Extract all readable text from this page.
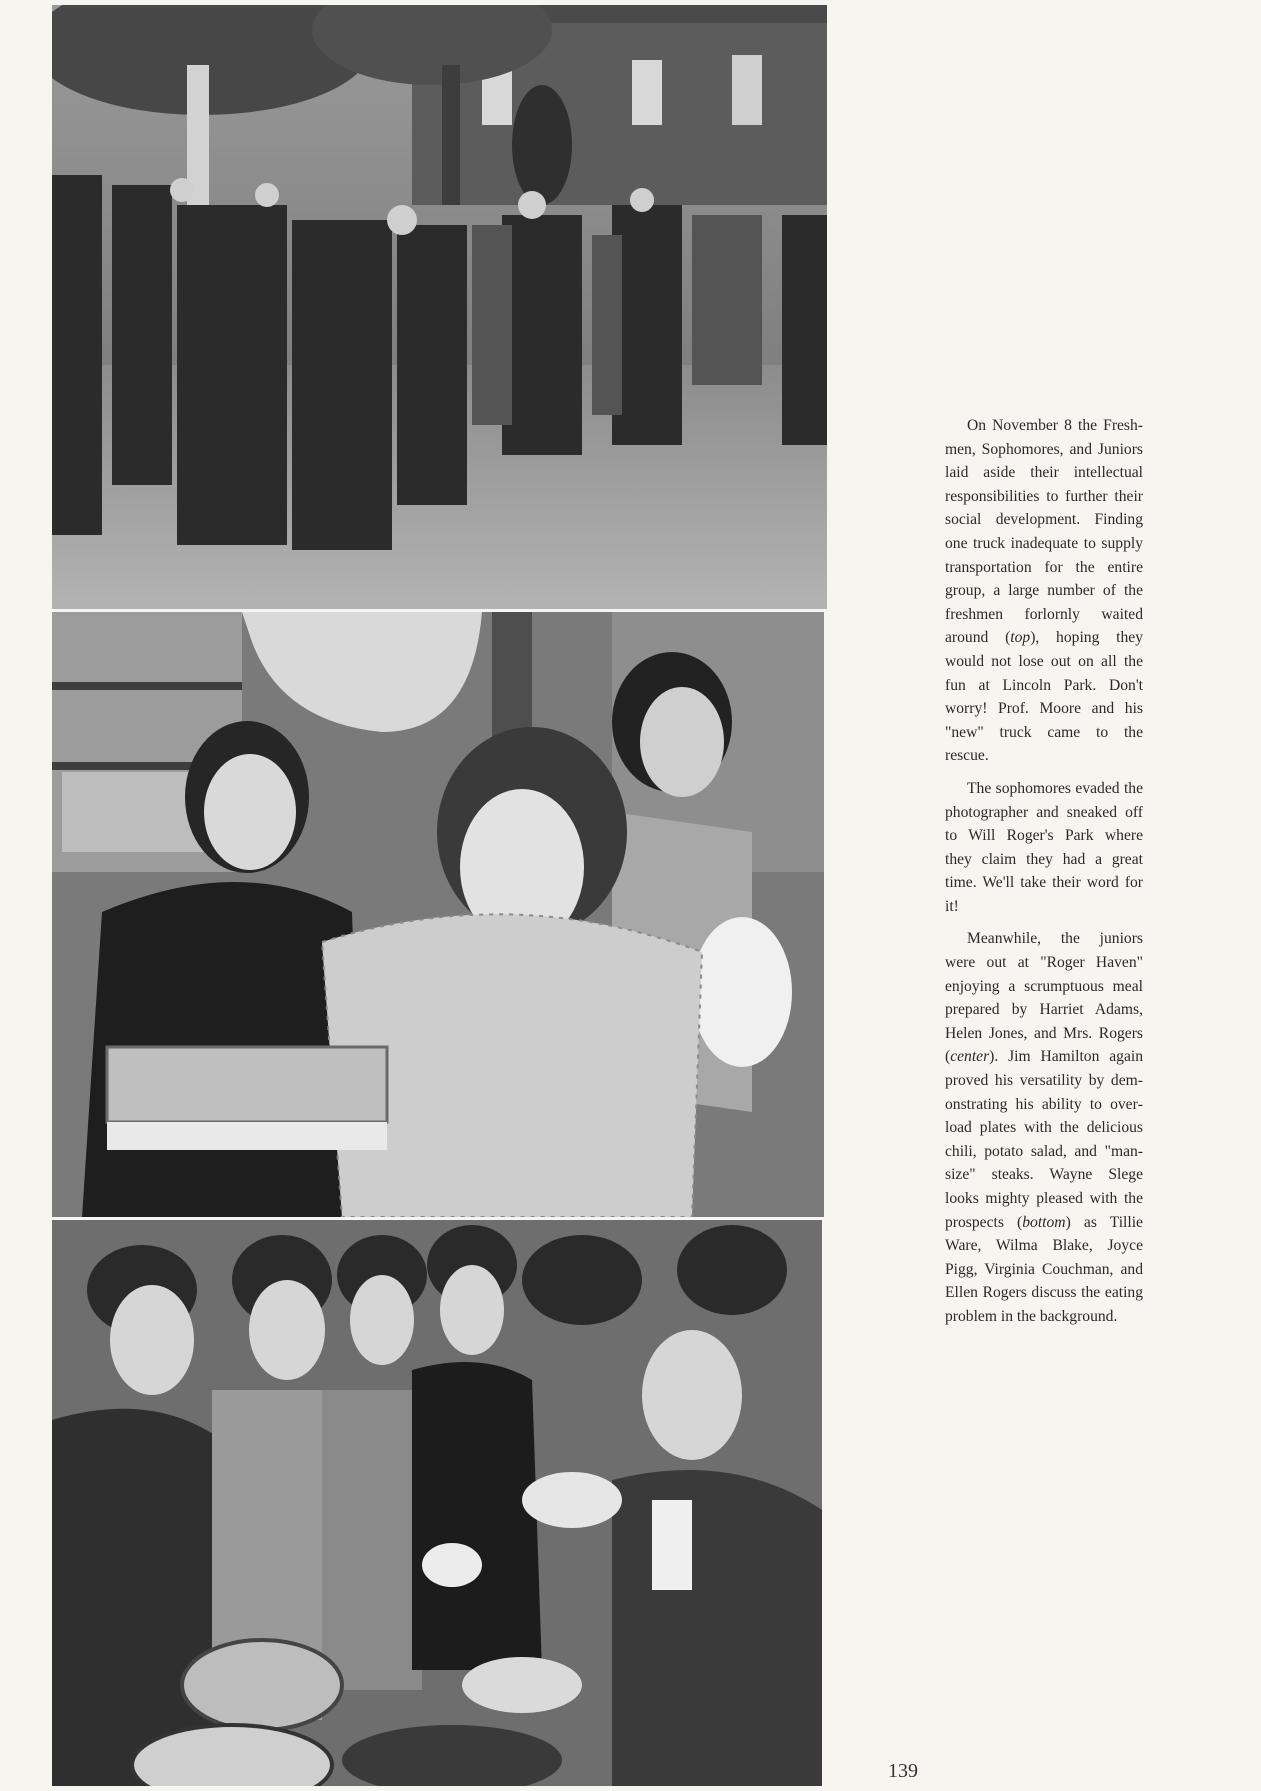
On November 8 the Freshmen, Sophomores, and Juniors laid aside their intellectual responsibilities to further their social development. Finding one truck inadequate to supply transportation for the entire group, a large number of the freshmen forlornly waited around (top), hoping they would not lose out on all the fun at Lincoln Park. Don't worry! Prof. Moore and his "new" truck came to the rescue.

The sophomores evaded the photographer and sneaked off to Will Roger's Park where they claim they had a great time. We'll take their word for it!

Meanwhile, the juniors were out at "Roger Haven" enjoying a scrumptuous meal prepared by Harriet Adams, Helen Jones, and Mrs. Rogers (center). Jim Hamilton again proved his versatility by demonstrating his ability to overload plates with the delicious chili, potato salad, and "mansize" steaks. Wayne Slege looks mighty pleased with the prospects (bottom) as Tillie Ware, Wilma Blake, Joyce Pigg, Virginia Couchman, and Ellen Rogers discuss the eating problem in the background.

139
